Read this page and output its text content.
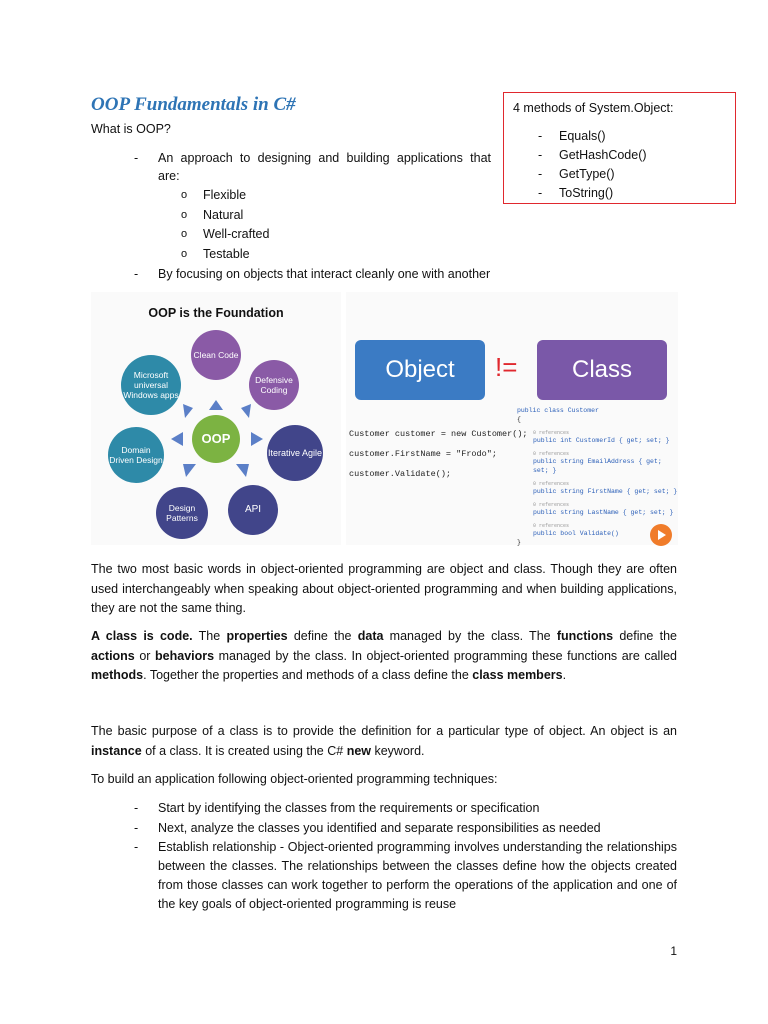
OOP Fundamentals in C#
What is OOP?
- An approach to designing and building applications that
are:
o Flexible
o Natural
o Well-crafted
o Testable
- By focusing on objects that interact cleanly one with another
4 methods of System.Object:
- Equals()
- GetHashCode()
- GetType()
- ToString()
OOP is the Foundation
Clean Code
Defensive Coding
Iterative Agile
API
Design Patterns
Domain Driven Design
Microsoft universal Windows apps
OOP
Object	!=	Class
Customer customer = new Customer();
customer.FirstName = "Frodo";
customer.Validate();
public class Customer
{
0 references
public int CustomerId { get; set; }
0 references
public string EmailAddress { get; set; }
0 references
public string FirstName { get; set; }
0 references
public string LastName { get; set; }
0 references
public bool Validate()
}
The two most basic words in object-oriented programming are object and class. Though they are often used interchangeably when speaking about object-oriented programming and when building applications, they are not the same thing.
A class is code. The properties define the data managed by the class. The functions define the actions or behaviors managed by the class. In object-oriented programming these functions are called methods. Together the properties and methods of a class define the class members.
The basic purpose of a class is to provide the definition for a particular type of object. An object is an instance of a class. It is created using the C# new keyword.
To build an application following object-oriented programming techniques:
- Start by identifying the classes from the requirements or specification
- Next, analyze the classes you identified and separate responsibilities as needed
- Establish relationship - Object-oriented programming involves understanding the relationships between the classes. The relationships between the classes define how the objects created from those classes can work together to perform the operations of the application and one of the key goals of object-oriented programming is reuse
1
